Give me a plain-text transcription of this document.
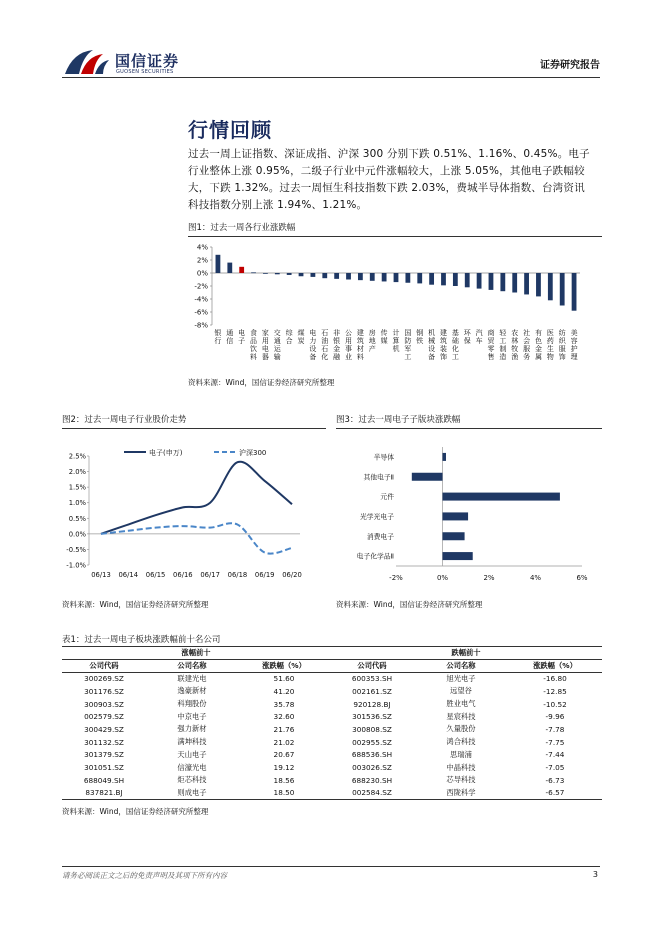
国信证券
GUOSEN SECURITIES
证券研究报告
行情回顾
过去一周上证指数、深证成指、沪深 300 分别下跌 0.51%、1.16%、0.45%。电子
行业整体上涨 0.95%，二级子行业中元件涨幅较大，上涨 5.05%，其他电子跌幅较
大，下跌 1.32%。过去一周恒生科技指数下跌 2.03%，费城半导体指数、台湾资讯
科技指数分别上涨 1.94%、1.21%。
图1：过去一周各行业涨跌幅
4%
2%
0%
-2%
-4%
-6%
-8%
银行
通信
电子
食品饮料
家用电器
交通运输
综合
煤炭
电力设备
石油石化
非银金融
公用事业
建筑材料
房地产
传媒
计算机
国防军工
钢铁
机械设备
建筑装饰
基础化工
环保
汽车
商贸零售
轻工制造
农林牧渔
社会服务
有色金属
医药生物
纺织服饰
美容护理
资料来源：Wind，国信证券经济研究所整理
图2：过去一周电子行业股价走势
2.5%
2.0%
1.5%
1.0%
0.5%
0.0%
-0.5%
-1.0%
06/13 06/14 06/15 06/16 06/17 06/18 06/19 06/20
电子(申万)	沪深300
资料来源：Wind，国信证券经济研究所整理
图3：过去一周电子子版块涨跌幅
-2%	0%	2%	4%	6%
半导体
其他电子Ⅱ
元件
光学光电子
消费电子
电子化学品Ⅱ
资料来源：Wind，国信证券经济研究所整理
表1：过去一周电子板块涨跌幅前十名公司
涨幅前十			跌幅前十		
公司代码	公司名称	涨跌幅（%）	公司代码	公司名称	涨跌幅（%）
300269.SZ	联建光电	51.60	600353.SH	旭光电子	-16.80
301176.SZ	逸豪新材	41.20	002161.SZ	远望谷	-12.85
300903.SZ	科翔股份	35.78	920128.BJ	胜业电气	-10.52
002579.SZ	中京电子	32.60	301536.SZ	星宸科技	-9.96
300429.SZ	强力新材	21.76	300808.SZ	久量股份	-7.78
301132.SZ	满坤科技	21.02	002955.SZ	鸿合科技	-7.75
301379.SZ	天山电子	20.67	688536.SH	思瑞浦	-7.44
301051.SZ	信濠光电	19.12	003026.SZ	中晶科技	-7.05
688049.SH	炬芯科技	18.56	688230.SH	芯导科技	-6.73
837821.BJ	则成电子	18.50	002584.SZ	西陇科学	-6.57
资料来源：Wind，国信证券经济研究所整理
请务必阅读正文之后的免责声明及其项下所有内容	3
